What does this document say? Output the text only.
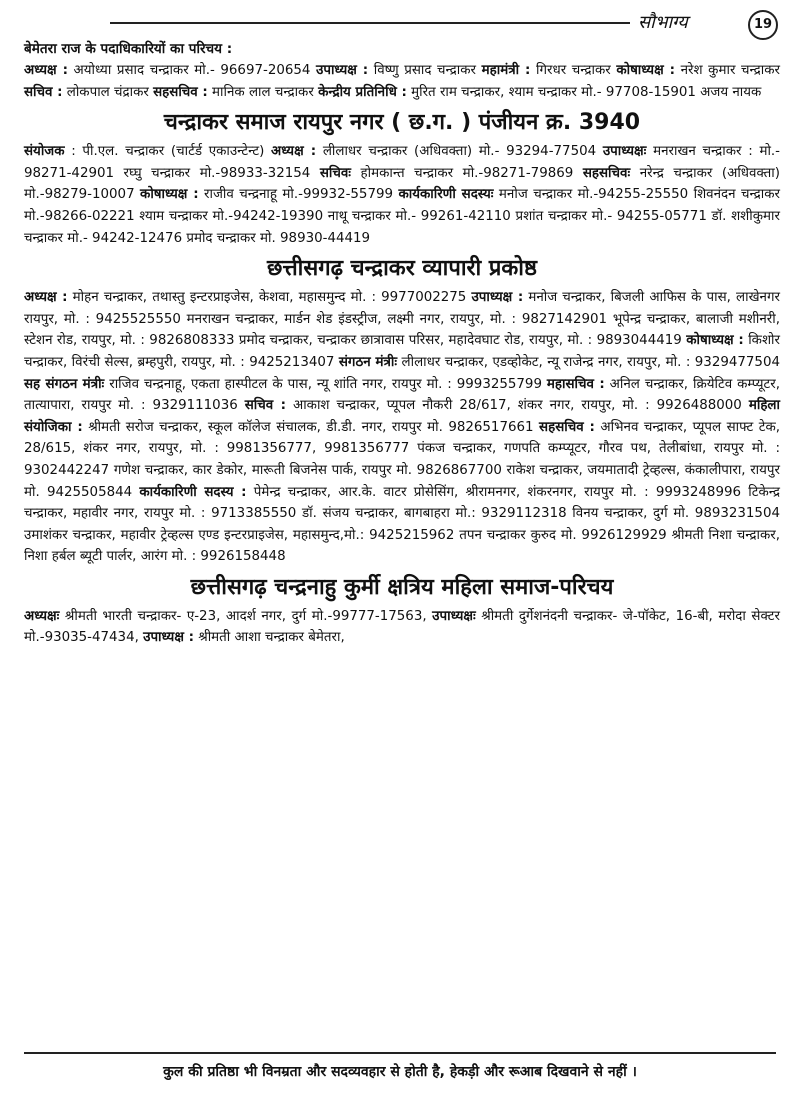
सौभाग्य	19

बेमेतरा राज के पदाधिकारियों का परिचय :

अध्यक्ष : अयोध्या प्रसाद चन्द्राकर मो.- 96697-20654 उपाध्यक्ष : विष्णु प्रसाद चन्द्राकर महामंत्री : गिरधर चन्द्राकर कोषाध्यक्ष : नरेश कुमार चन्द्राकर सचिव : लोकपाल चंद्राकर सहसचिव : मानिक लाल चन्द्राकर केन्द्रीय प्रतिनिधि : मुरित राम चन्द्राकर, श्याम चन्द्राकर मो.- 97708-15901 अजय नायक

चन्द्राकर समाज रायपुर नगर ( छ.ग. ) पंजीयन क्र. 3940

संयोजक : पी.एल. चन्द्राकर (चार्टर्ड एकाउन्टेन्ट) अध्यक्ष : लीलाधर चन्द्राकर (अधिवक्ता) मो.- 93294-77504 उपाध्यक्षः मनराखन चन्द्राकर : मो.- 98271-42901 रघ्घु चन्द्राकर मो.-98933-32154 सचिवः होमकान्त चन्द्राकर मो.-98271-79869 सहसचिवः नरेन्द्र चन्द्राकर (अधिवक्ता) मो.-98279-10007 कोषाध्यक्ष : राजीव चन्द्रनाहू मो.-99932-55799 कार्यकारिणी सदस्यः मनोज चन्द्राकर मो.-94255-25550 शिवनंदन चन्द्राकर मो.-98266-02221 श्याम चन्द्राकर मो.-94242-19390 नाथू चन्द्राकर मो.- 99261-42110 प्रशांत चन्द्राकर मो.- 94255-05771 डॉ. शशीकुमार चन्द्राकर मो.- 94242-12476 प्रमोद चन्द्राकर मो. 98930-44419

छत्तीसगढ़ चन्द्राकर व्यापारी प्रकोष्ठ

अध्यक्ष : मोहन चन्द्राकर, तथास्तु इन्टरप्राइजेस, केशवा, महासमुन्द मो. : 9977002275 उपाध्यक्ष : मनोज चन्द्राकर, बिजली आफिस के पास, लाखेनगर रायपुर, मो. : 9425525550 मनराखन चन्द्राकर, मार्डन शेड इंडस्ट्रीज, लक्ष्मी नगर, रायपुर, मो. : 9827142901 भूपेन्द्र चन्द्राकर, बालाजी मशीनरी, स्टेशन रोड, रायपुर, मो. : 9826808333 प्रमोद चन्द्राकर, चन्द्राकर छात्रावास परिसर, महादेवघाट रोड, रायपुर, मो. : 9893044419 कोषाध्यक्ष : किशोर चन्द्राकर, विरंची सेल्स, ब्रम्हपुरी, रायपुर, मो. : 9425213407 संगठन मंत्रीः लीलाधर चन्द्राकर, एडव्होकेट, न्यू राजेन्द्र नगर, रायपुर, मो. : 9329477504 सह संगठन मंत्रीः राजिव चन्द्रनाहू, एकता हास्पीटल के पास, न्यू शांति नगर, रायपुर मो. : 9993255799 महासचिव : अनिल चन्द्राकर, क्रियेटिव कम्प्यूटर, तात्यापारा, रायपुर मो. : 9329111036 सचिव : आकाश चन्द्राकर, प्यूपल नौकरी 28/617, शंकर नगर, रायपुर, मो. : 9926488000 महिला संयोजिका : श्रीमती सरोज चन्द्राकर, स्कूल कॉलेज संचालक, डी.डी. नगर, रायपुर मो. 9826517661 सहसचिव : अभिनव चन्द्राकर, प्यूपल साफ्ट टेक, 28/615, शंकर नगर, रायपुर, मो. : 9981356777, 9981356777 पंकज चन्द्राकर, गणपति कम्प्यूटर, गौरव पथ, तेलीबांधा, रायपुर मो. : 9302442247 गणेश चन्द्राकर, कार डेकोर, मारूती बिजनेस पार्क, रायपुर मो. 9826867700 राकेश चन्द्राकर, जयमातादी ट्रेव्हल्स, कंकालीपारा, रायपुर मो. 9425505844 कार्यकारिणी सदस्य : पेमेन्द्र चन्द्राकर, आर.के. वाटर प्रोसेसिंग, श्रीरामनगर, शंकरनगर, रायपुर मो. : 9993248996 टिकेन्द्र चन्द्राकर, महावीर नगर, रायपुर मो. : 9713385550 डॉ. संजय चन्द्राकर, बागबाहरा मो.: 9329112318 विनय चन्द्राकर, दुर्ग मो. 9893231504 उमाशंकर चन्द्राकर, महावीर ट्रेव्हल्स एण्ड इन्टरप्राइजेस, महासमुन्द,मो.: 9425215962 तपन चन्द्राकर कुरुद मो. 9926129929 श्रीमती निशा चन्द्राकर, निशा हर्बल ब्यूटी पार्लर, आरंग मो. : 9926158448

छत्तीसगढ़ चन्द्रनाहु कुर्मी क्षत्रिय महिला समाज-परिचय

अध्यक्षः श्रीमती भारती चन्द्राकर- ए-23, आदर्श नगर, दुर्ग मो.-99777-17563, उपाध्यक्षः श्रीमती दुर्गेशनंदनी चन्द्राकर- जे-पॉकेट, 16-बी, मरोदा सेक्टर मो.-93035-47434, उपाध्यक्ष : श्रीमती आशा चन्द्राकर बेमेतरा,

कुल की प्रतिष्ठा भी विनम्रता और सदव्यवहार से होती है, हेकड़ी और रूआब दिखवाने से नहीं ।
